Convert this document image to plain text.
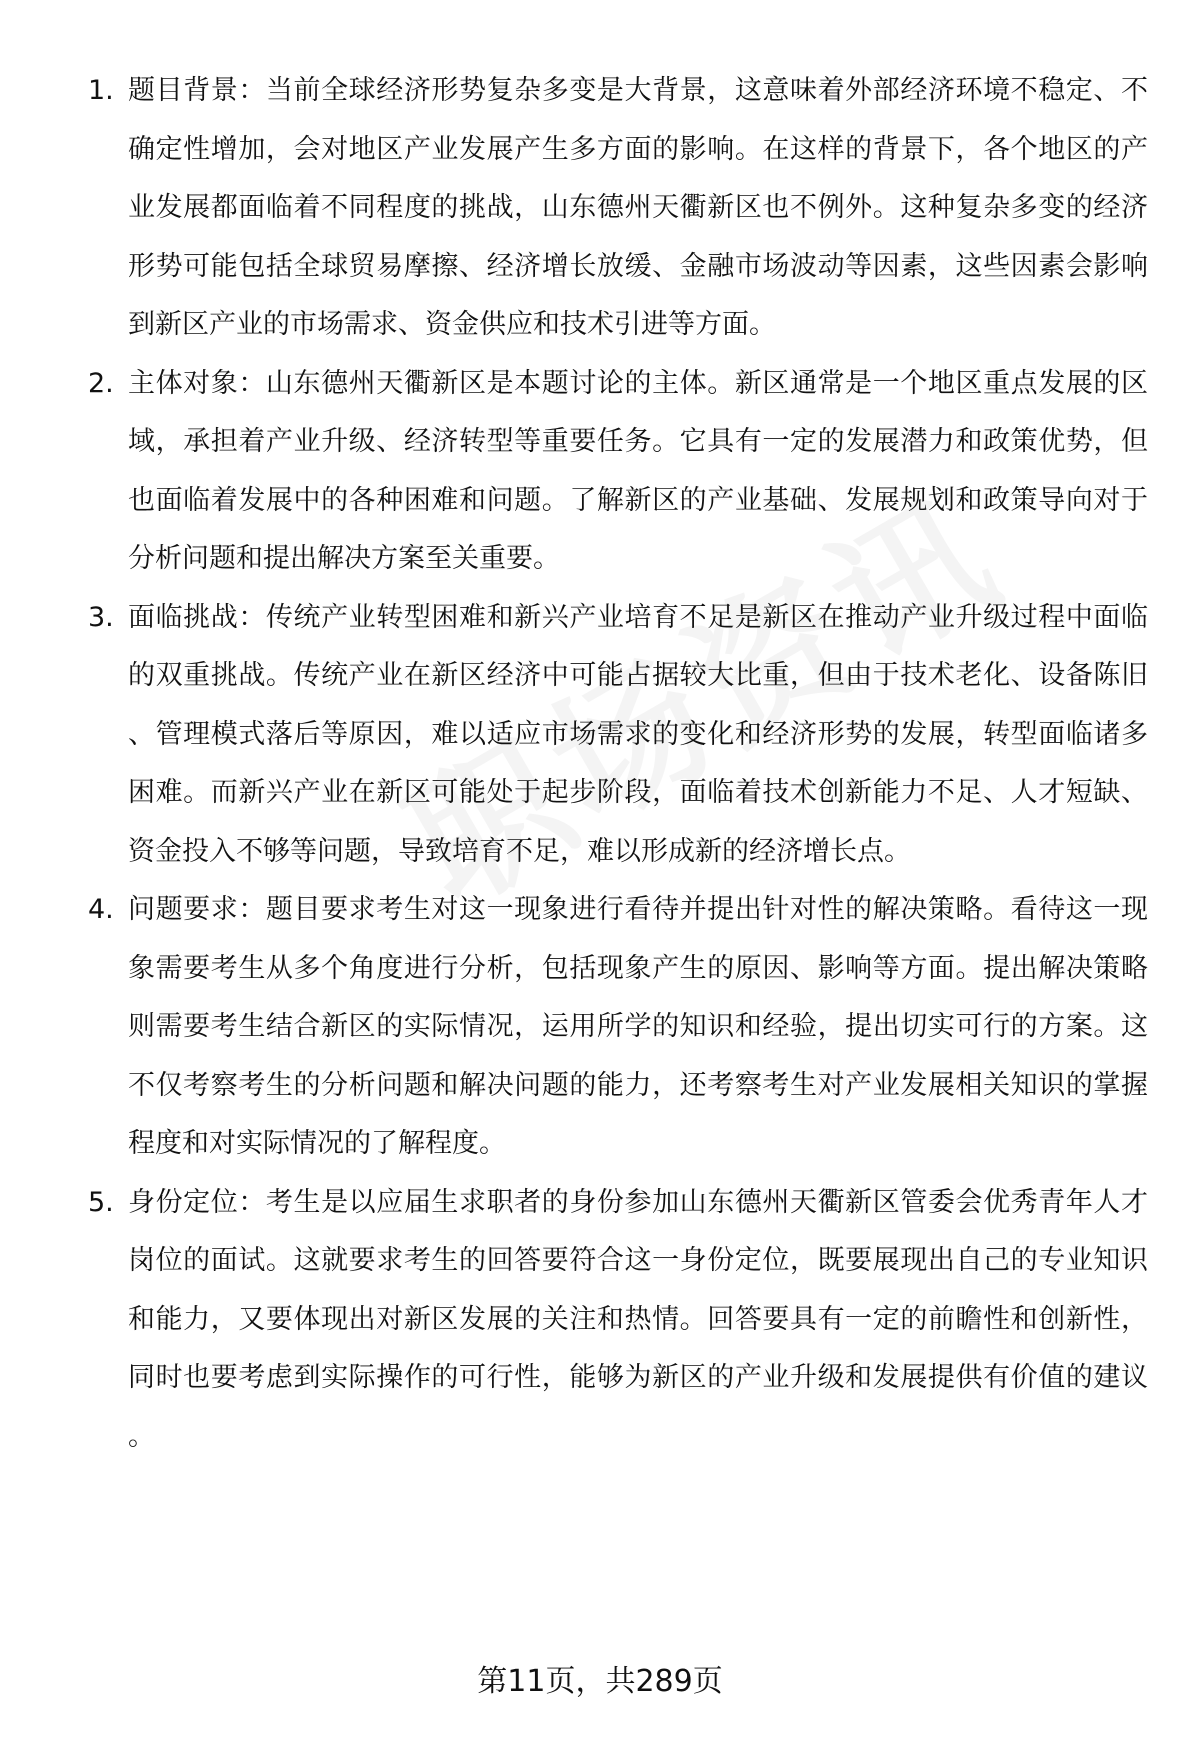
1. 题目背景：当前全球经济形势复杂多变是大背景，这意味着外部经济环境不稳定、不确定性增加，会对地区产业发展产生多方面的影响。在这样的背景下，各个地区的产业发展都面临着不同程度的挑战，山东德州天衢新区也不例外。这种复杂多变的经济形势可能包括全球贸易摩擦、经济增长放缓、金融市场波动等因素，这些因素会影响到新区产业的市场需求、资金供应和技术引进等方面。
2. 主体对象：山东德州天衢新区是本题讨论的主体。新区通常是一个地区重点发展的区域，承担着产业升级、经济转型等重要任务。它具有一定的发展潜力和政策优势，但也面临着发展中的各种困难和问题。了解新区的产业基础、发展规划和政策导向对于分析问题和提出解决方案至关重要。
3. 面临挑战：传统产业转型困难和新兴产业培育不足是新区在推动产业升级过程中面临的双重挑战。传统产业在新区经济中可能占据较大比重，但由于技术老化、设备陈旧、管理模式落后等原因，难以适应市场需求的变化和经济形势的发展，转型面临诸多困难。而新兴产业在新区可能处于起步阶段，面临着技术创新能力不足、人才短缺、资金投入不够等问题，导致培育不足，难以形成新的经济增长点。
4. 问题要求：题目要求考生对这一现象进行看待并提出针对性的解决策略。看待这一现象需要考生从多个角度进行分析，包括现象产生的原因、影响等方面。提出解决策略则需要考生结合新区的实际情况，运用所学的知识和经验，提出切实可行的方案。这不仅考察考生的分析问题和解决问题的能力，还考察考生对产业发展相关知识的掌握程度和对实际情况的了解程度。
5. 身份定位：考生是以应届生求职者的身份参加山东德州天衢新区管委会优秀青年人才岗位的面试。这就要求考生的回答要符合这一身份定位，既要展现出自己的专业知识和能力，又要体现出对新区发展的关注和热情。回答要具有一定的前瞻性和创新性，同时也要考虑到实际操作的可行性，能够为新区的产业升级和发展提供有价值的建议。
第11页，共289页
